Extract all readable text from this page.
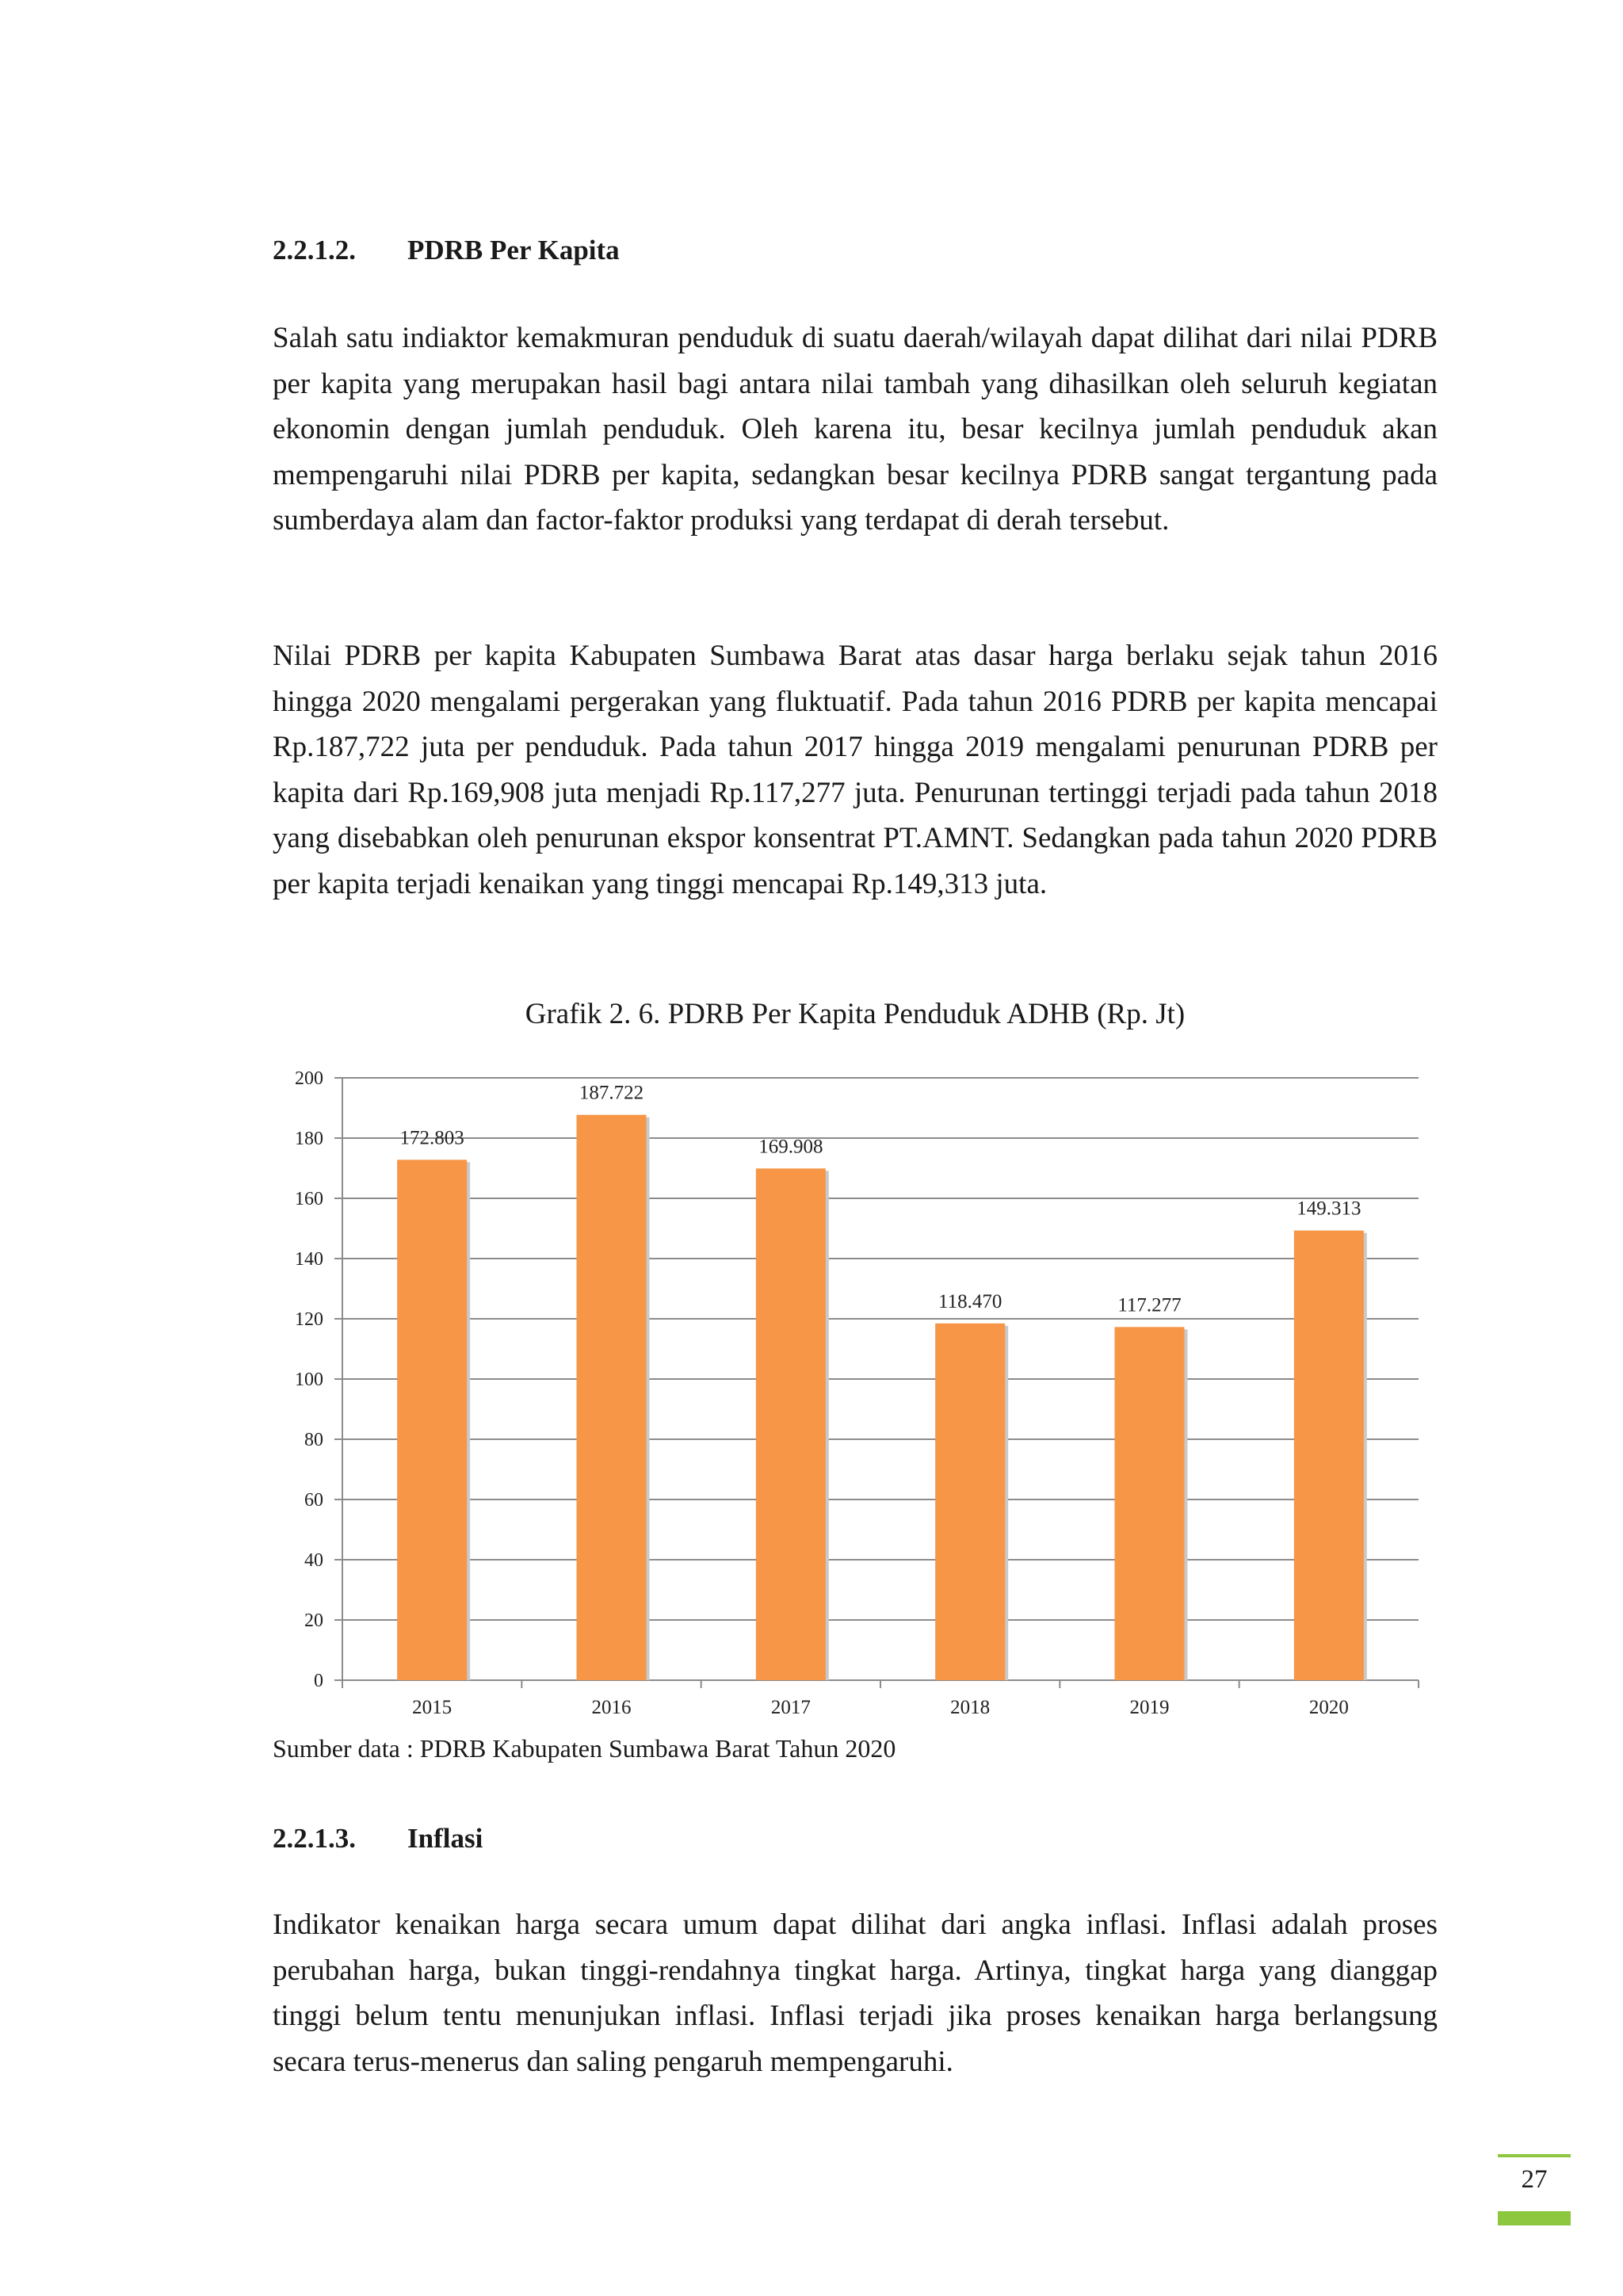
2.2.1.2. PDRB Per Kapita

Salah satu indiaktor kemakmuran penduduk di suatu daerah/wilayah dapat dilihat dari nilai PDRB per kapita yang merupakan hasil bagi antara nilai tambah yang dihasilkan oleh seluruh kegiatan ekonomin dengan jumlah penduduk. Oleh karena itu, besar kecilnya jumlah penduduk akan mempengaruhi nilai PDRB per kapita, sedangkan besar kecilnya PDRB sangat tergantung pada sumberdaya alam dan factor-faktor produksi yang terdapat di derah tersebut.

Nilai PDRB per kapita Kabupaten Sumbawa Barat atas dasar harga berlaku sejak tahun 2016 hingga 2020 mengalami pergerakan yang fluktuatif. Pada tahun 2016 PDRB per kapita mencapai Rp.187,722 juta per penduduk. Pada tahun 2017 hingga 2019 mengalami penurunan PDRB per kapita dari Rp.169,908 juta menjadi Rp.117,277 juta. Penurunan tertinggi terjadi pada tahun 2018 yang disebabkan oleh penurunan ekspor konsentrat PT.AMNT. Sedangkan pada tahun 2020 PDRB per kapita terjadi kenaikan yang tinggi mencapai Rp.149,313 juta.

Grafik 2. 6. PDRB Per Kapita Penduduk ADHB (Rp. Jt)

0
20
40
60
80
100
120
140
160
180
200
172.803
2015
187.722
2016
169.908
2017
118.470
2018
117.277
2019
149.313
2020

Sumber data : PDRB Kabupaten Sumbawa Barat Tahun 2020

2.2.1.3. Inflasi

Indikator kenaikan harga secara umum dapat dilihat dari angka inflasi. Inflasi adalah proses perubahan harga, bukan tinggi-rendahnya tingkat harga. Artinya, tingkat harga yang dianggap tinggi belum tentu menunjukan inflasi. Inflasi terjadi jika proses kenaikan harga berlangsung secara terus-menerus dan saling pengaruh mempengaruhi.

27
